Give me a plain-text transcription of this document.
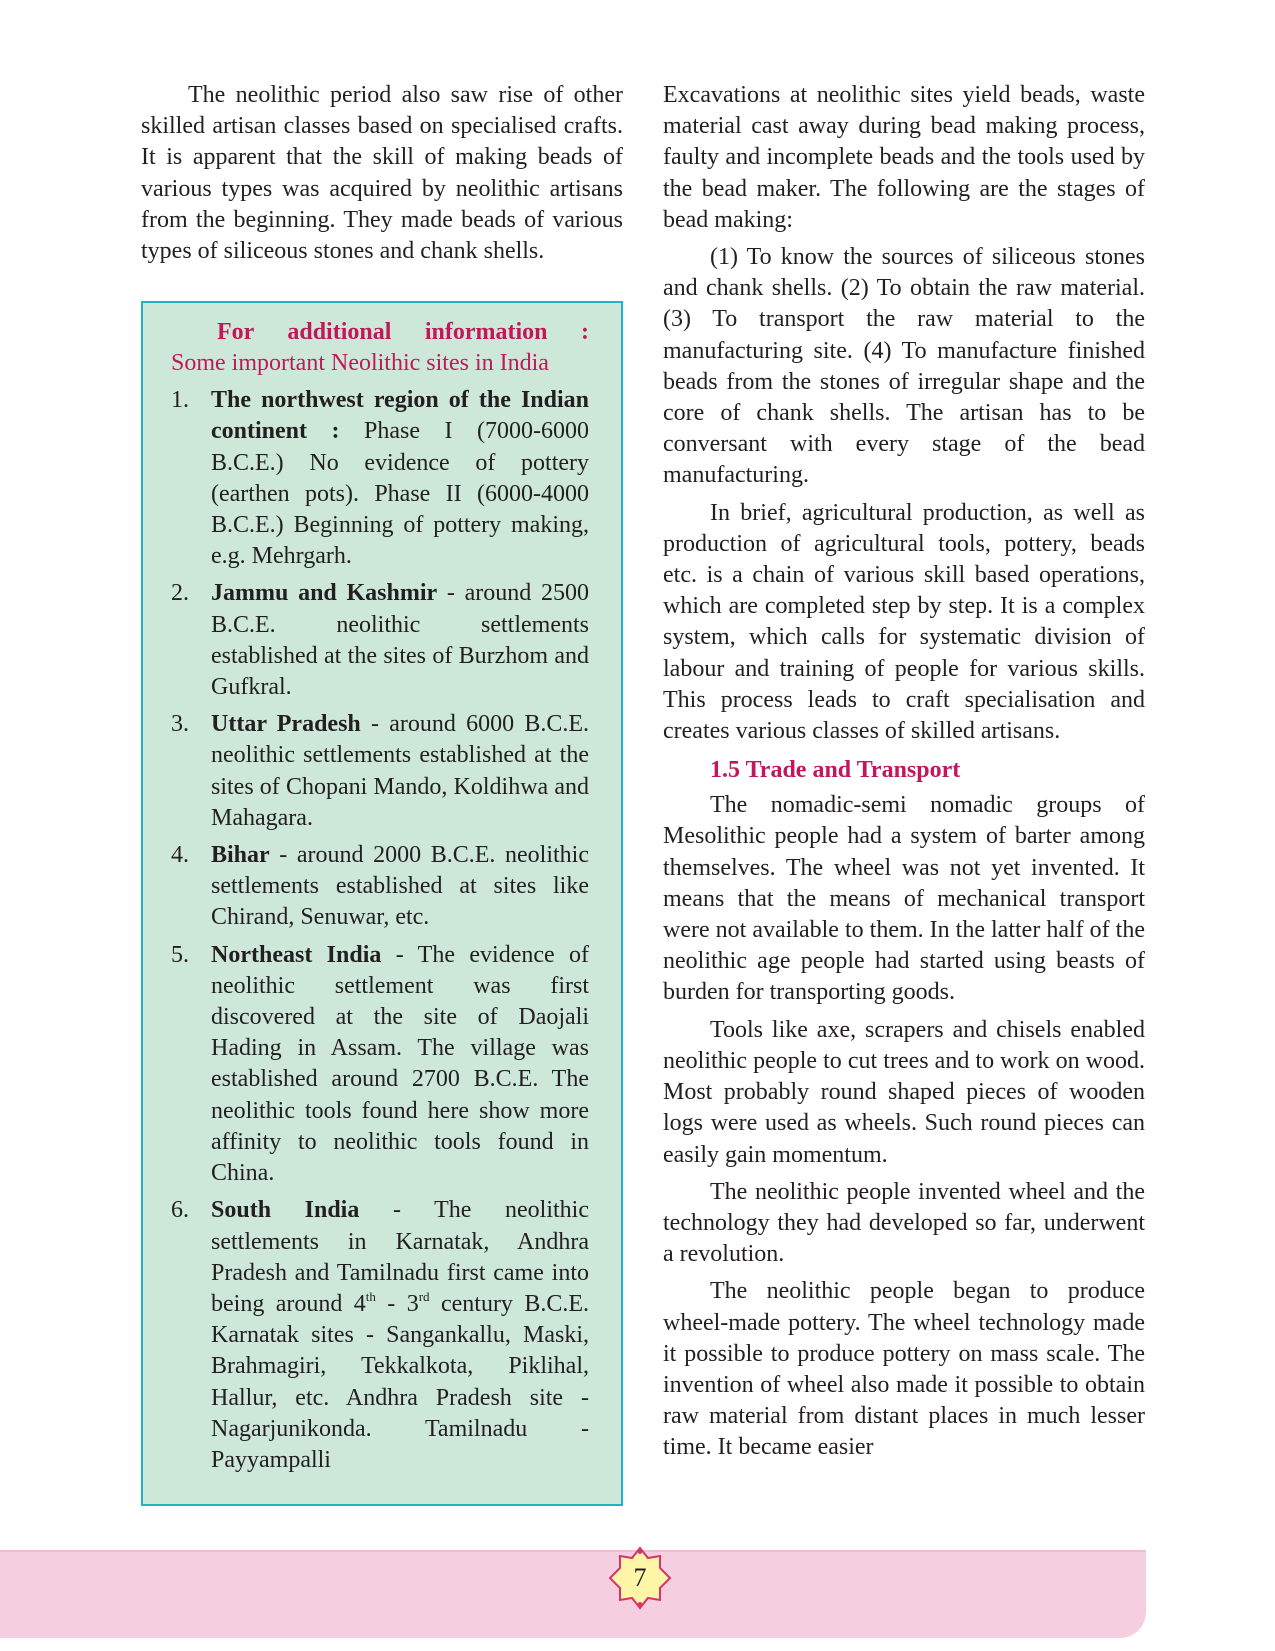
The neolithic period also saw rise of other skilled artisan classes based on specialised crafts. It is apparent that the skill of making beads of various types was acquired by neolithic artisans from the beginning. They made beads of various types of siliceous stones and chank shells.

For additional information :
Some important Neolithic sites in India
1. The northwest region of the Indian continent : Phase I (7000-6000 B.C.E.) No evidence of pottery (earthen pots). Phase II (6000-4000 B.C.E.) Beginning of pottery making, e.g. Mehrgarh.
2. Jammu and Kashmir - around 2500 B.C.E. neolithic settlements established at the sites of Burzhom and Gufkral.
3. Uttar Pradesh - around 6000 B.C.E. neolithic settlements established at the sites of Chopani Mando, Koldihwa and Mahagara.
4. Bihar - around 2000 B.C.E. neolithic settlements established at sites like Chirand, Senuwar, etc.
5. Northeast India - The evidence of neolithic settlement was first discovered at the site of Daojali Hading in Assam. The village was established around 2700 B.C.E. The neolithic tools found here show more affinity to neolithic tools found in China.
6. South India - The neolithic settlements in Karnatak, Andhra Pradesh and Tamilnadu first came into being around 4th - 3rd century B.C.E. Karnatak sites - Sangankallu, Maski, Brahmagiri, Tekkalkota, Piklihal, Hallur, etc. Andhra Pradesh site - Nagarjunikonda. Tamilnadu - Payyampalli

Excavations at neolithic sites yield beads, waste material cast away during bead making process, faulty and incomplete beads and the tools used by the bead maker. The following are the stages of bead making:

(1) To know the sources of siliceous stones and chank shells. (2) To obtain the raw material. (3) To transport the raw material to the manufacturing site. (4) To manufacture finished beads from the stones of irregular shape and the core of chank shells. The artisan has to be conversant with every stage of the bead manufacturing.

In brief, agricultural production, as well as production of agricultural tools, pottery, beads etc. is a chain of various skill based operations, which are completed step by step. It is a complex system, which calls for systematic division of labour and training of people for various skills. This process leads to craft specialisation and creates various classes of skilled artisans.

1.5 Trade and Transport

The nomadic-semi nomadic groups of Mesolithic people had a system of barter among themselves. The wheel was not yet invented. It means that the means of mechanical transport were not available to them. In the latter half of the neolithic age people had started using beasts of burden for transporting goods.

Tools like axe, scrapers and chisels enabled neolithic people to cut trees and to work on wood. Most probably round shaped pieces of wooden logs were used as wheels. Such round pieces can easily gain momentum.

The neolithic people invented wheel and the technology they had developed so far, underwent a revolution.

The neolithic people began to produce wheel-made pottery. The wheel technology made it possible to produce pottery on mass scale. The invention of wheel also made it possible to obtain raw material from distant places in much lesser time. It became easier

7
